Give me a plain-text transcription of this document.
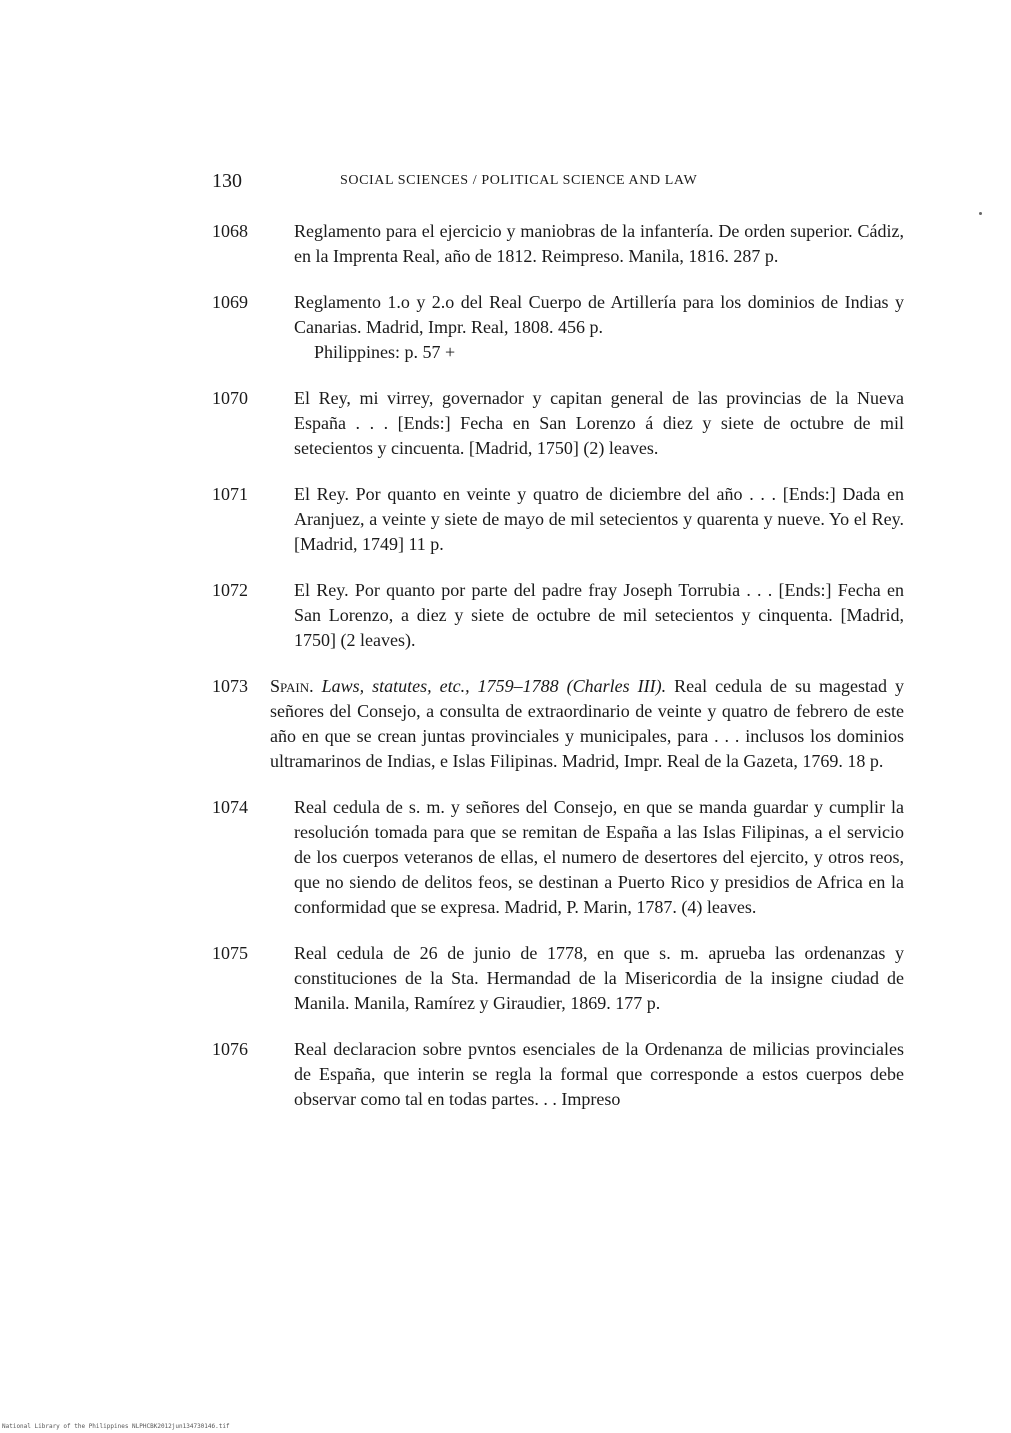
130	SOCIAL SCIENCES / POLITICAL SCIENCE AND LAW
1068	Reglamento para el ejercicio y maniobras de la infantería. De orden superior. Cádiz, en la Imprenta Real, año de 1812. Reimpreso. Manila, 1816. 287 p.
1069	Reglamento 1.o y 2.o del Real Cuerpo de Artillería para los dominios de Indias y Canarias. Madrid, Impr. Real, 1808. 456 p.
Philippines: p. 57 +
1070	El Rey, mi virrey, governador y capitan general de las provincias de la Nueva España . . . [Ends:] Fecha en San Lorenzo á diez y siete de octubre de mil setecientos y cincuenta. [Madrid, 1750] (2) leaves.
1071	El Rey. Por quanto en veinte y quatro de diciembre del año . . . [Ends:] Dada en Aranjuez, a veinte y siete de mayo de mil setecientos y quarenta y nueve. Yo el Rey. [Madrid, 1749] 11 p.
1072	El Rey. Por quanto por parte del padre fray Joseph Torrubia . . . [Ends:] Fecha en San Lorenzo, a diez y siete de octubre de mil setecientos y cinquenta. [Madrid, 1750] (2 leaves).
1073 Spain. Laws, statutes, etc., 1759–1788 (Charles III). Real cedula de su magestad y señores del Consejo, a consulta de extraordinario de veinte y quatro de febrero de este año en que se crean juntas provinciales y municipales, para . . . inclusos los dominios ultramarinos de Indias, e Islas Filipinas. Madrid, Impr. Real de la Gazeta, 1769. 18 p.
1074	Real cedula de s. m. y señores del Consejo, en que se manda guardar y cumplir la resolución tomada para que se remitan de España a las Islas Filipinas, a el servicio de los cuerpos veteranos de ellas, el numero de desertores del ejercito, y otros reos, que no siendo de delitos feos, se destinan a Puerto Rico y presidios de Africa en la conformidad que se expresa. Madrid, P. Marin, 1787. (4) leaves.
1075	Real cedula de 26 de junio de 1778, en que s. m. aprueba las ordenanzas y constituciones de la Sta. Hermandad de la Misericordia de la insigne ciudad de Manila. Manila, Ramírez y Giraudier, 1869. 177 p.
1076	Real declaracion sobre pvntos esenciales de la Ordenanza de milicias provinciales de España, que interin se regla la formal que corresponde a estos cuerpos debe observar como tal en todas partes. . . Impreso
National Library of the Philippines NLPHCBK2012jun13473014б.tif
